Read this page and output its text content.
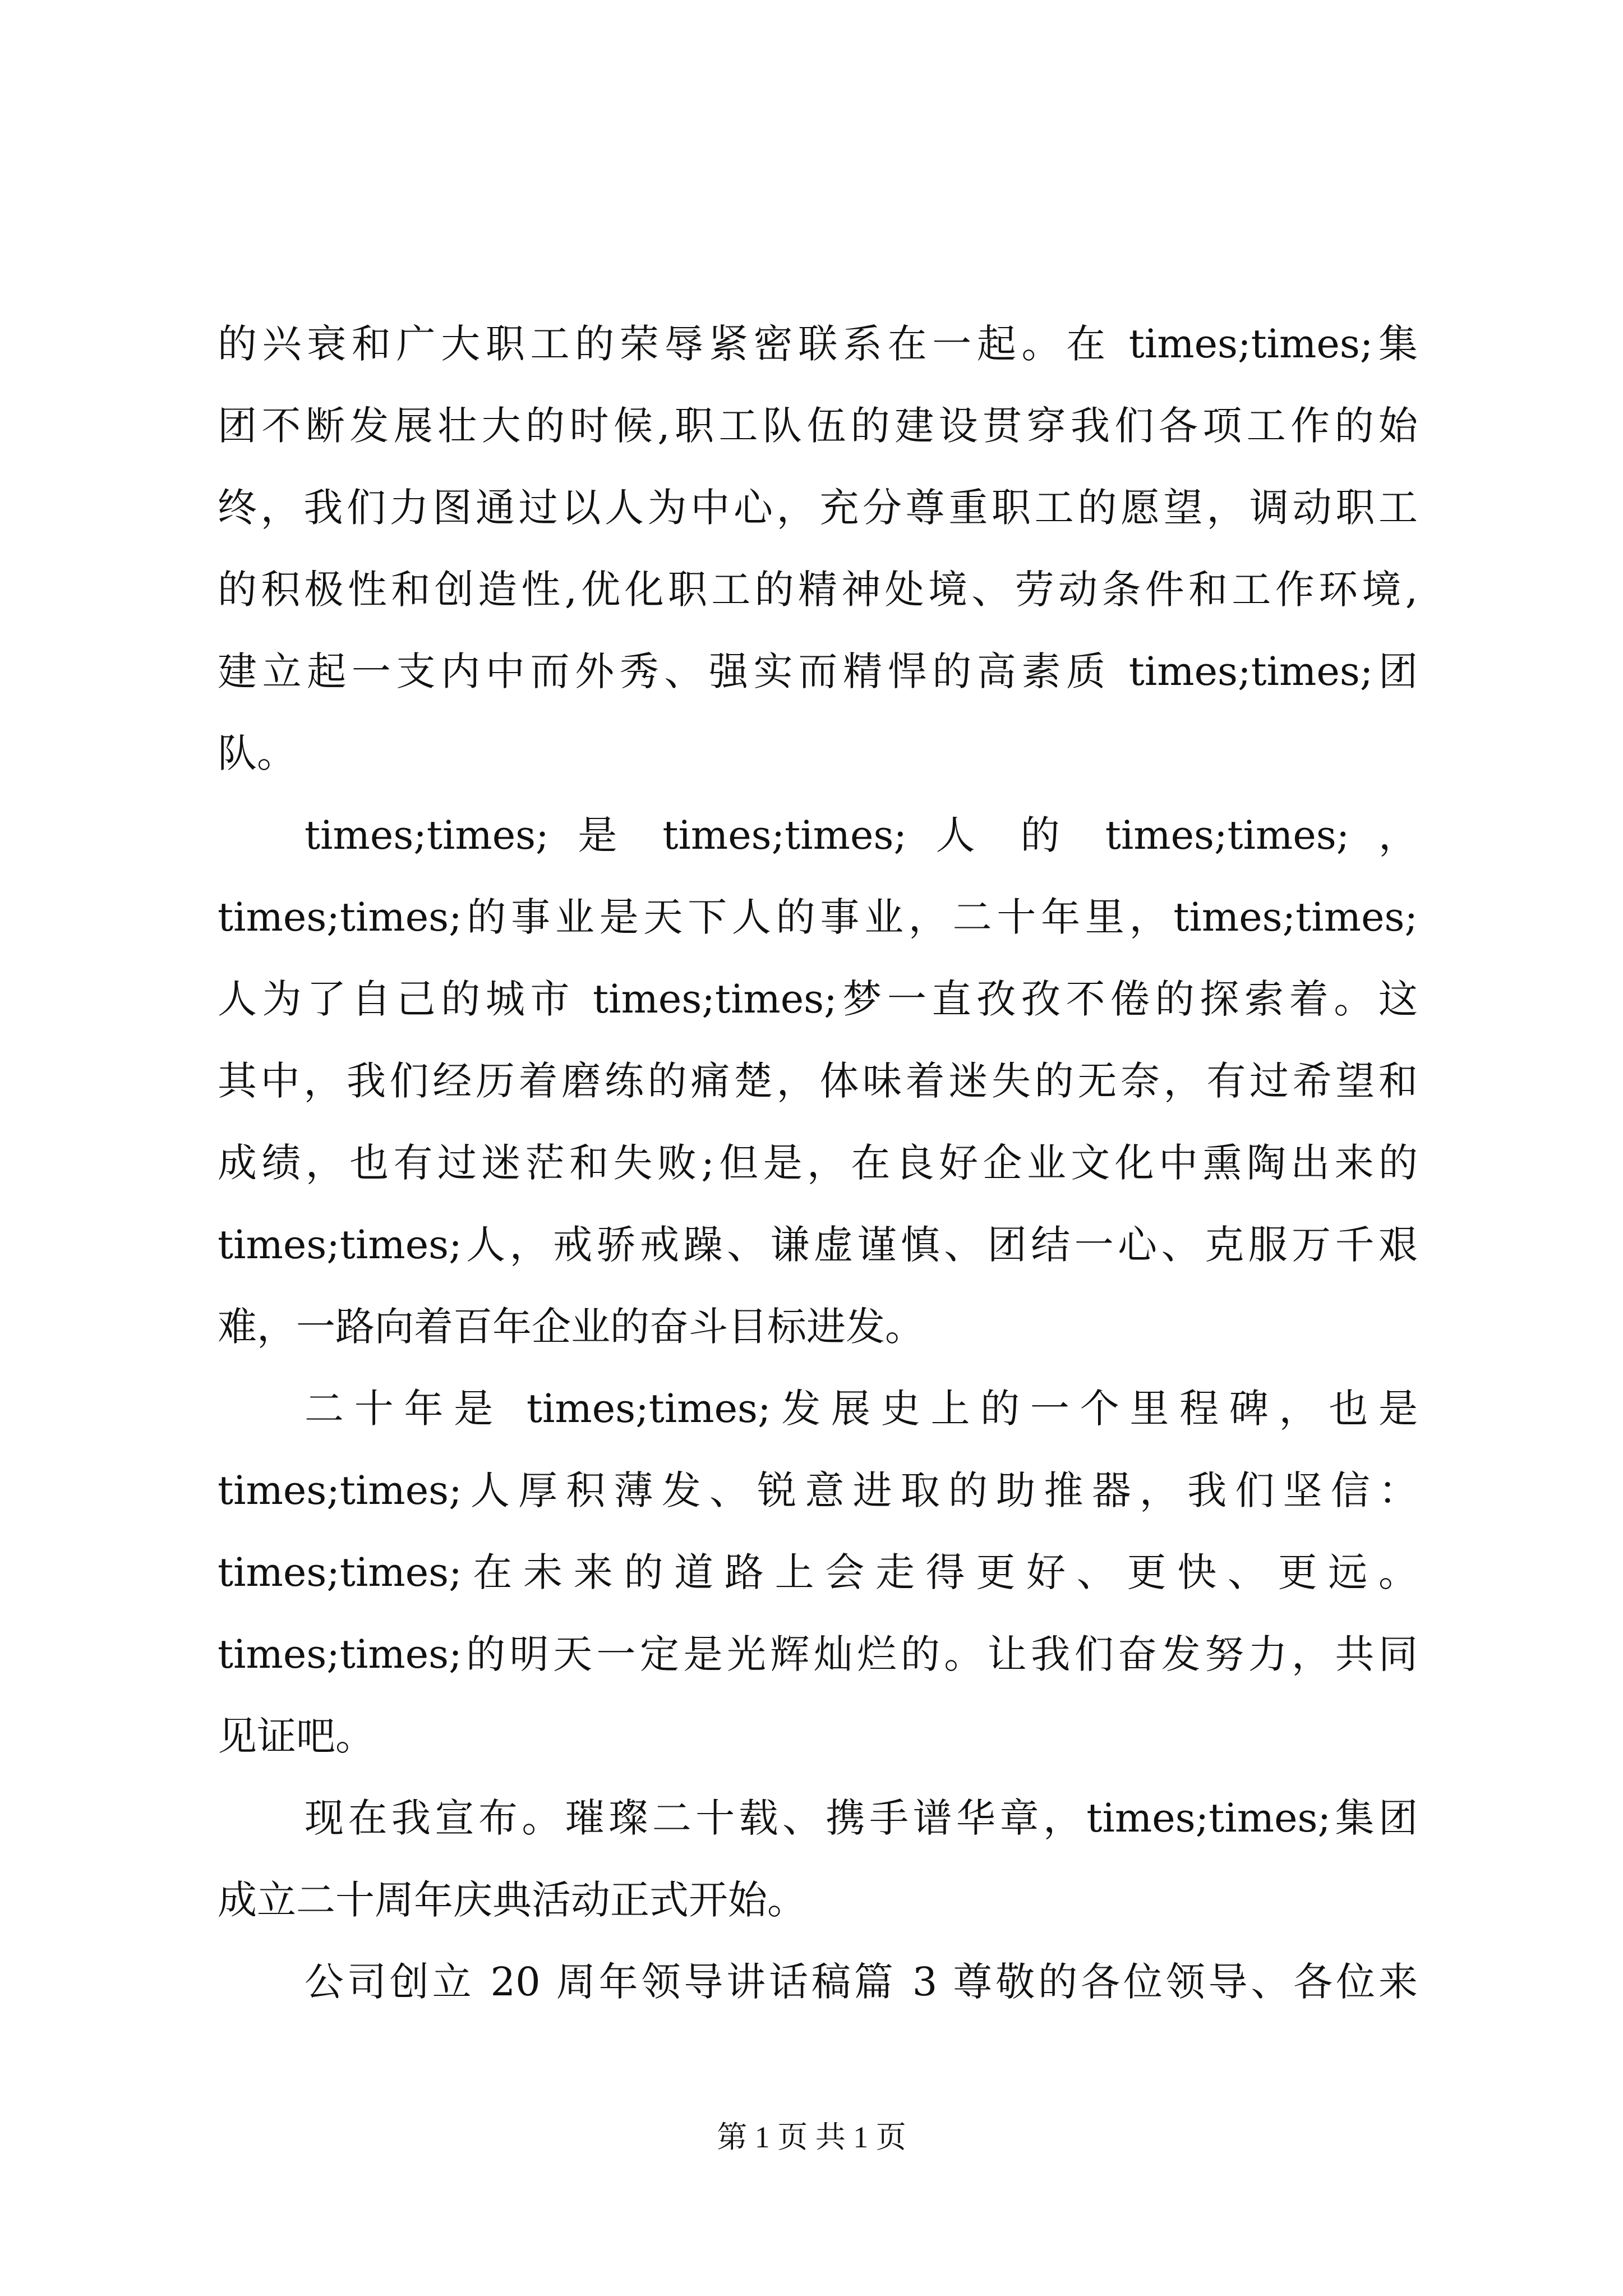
的兴衰和广大职工的荣辱紧密联系在一起。在 times;times;集
团不断发展壮大的时候,职工队伍的建设贯穿我们各项工作的始
终，我们力图通过以人为中心，充分尊重职工的愿望，调动职工
的积极性和创造性,优化职工的精神处境、劳动条件和工作环境,
建立起一支内中而外秀、强实而精悍的高素质 times;times;团
队。
times;times; 是 times;times; 人 的 times;times; ，
times;times;的事业是天下人的事业，二十年里，times;times;
人为了自己的城市 times;times;梦一直孜孜不倦的探索着。这
其中，我们经历着磨练的痛楚，体味着迷失的无奈，有过希望和
成绩，也有过迷茫和失败;但是，在良好企业文化中熏陶出来的
times;times;人，戒骄戒躁、谦虚谨慎、团结一心、克服万千艰
难，一路向着百年企业的奋斗目标进发。
二十年是 times;times;发展史上的一个里程碑，也是
times;times;人厚积薄发、锐意进取的助推器，我们坚信：
times;times;在未来的道路上会走得更好、更快、更远。
times;times;的明天一定是光辉灿烂的。让我们奋发努力，共同
见证吧。
现在我宣布。璀璨二十载、携手谱华章，times;times;集团
成立二十周年庆典活动正式开始。
公司创立 20 周年领导讲话稿篇 3 尊敬的各位领导、各位来
第 1 页 共 1 页
